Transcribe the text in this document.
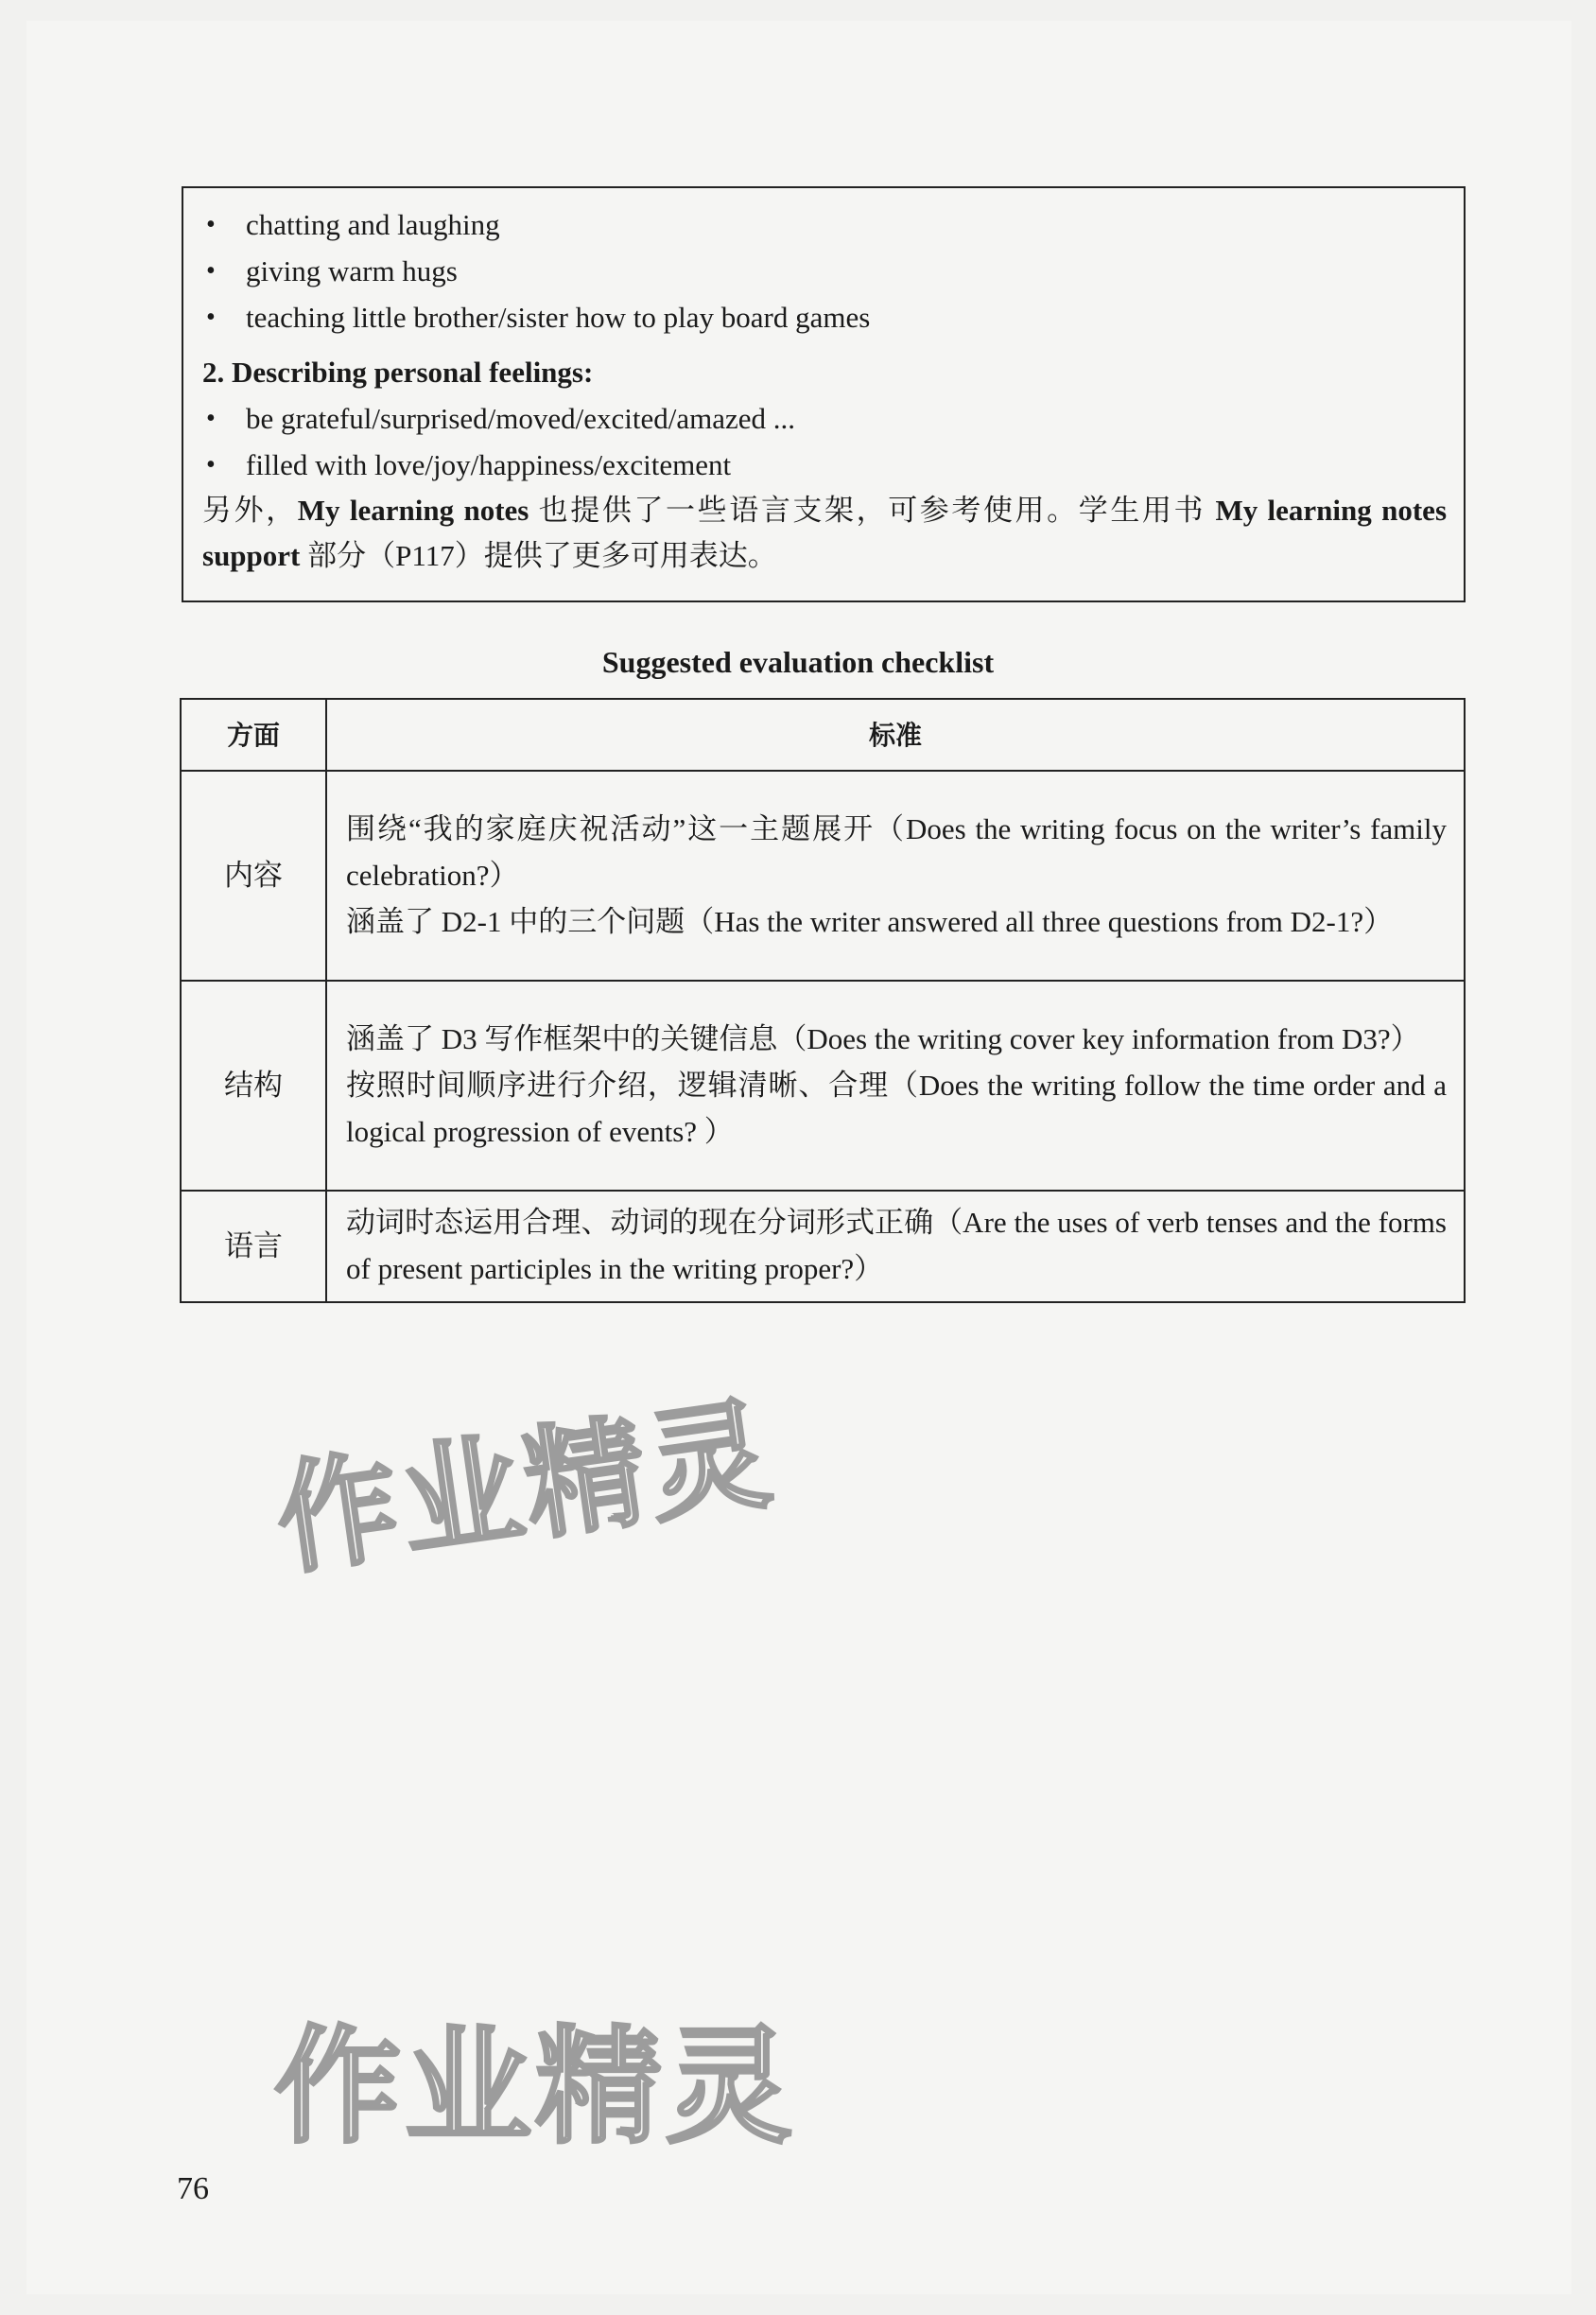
• chatting and laughing
• giving warm hugs
• teaching little brother/sister how to play board games
2. Describing personal feelings:
• be grateful/surprised/moved/excited/amazed ...
• filled with love/joy/happiness/excitement
另外，My learning notes 也提供了一些语言支架，可参考使用。学生用书 My learning notes support 部分（P117）提供了更多可用表达。
Suggested evaluation checklist
方面	标准
内容	围绕“我的家庭庆祝活动”这一主题展开（Does the writing focus on the writer’s family celebration?）

涵盖了 D2-1 中的三个问题（Has the writer answered all three questions from D2-1?）

结构	涵盖了 D3 写作框架中的关键信息（Does the writing cover key information from D3?）

按照时间顺序进行介绍，逻辑清晰、合理（Does the writing follow the time order and a logical progression of events? ）

语言	动词时态运用合理、动词的现在分词形式正确（Are the uses of verb tenses and the forms of present participles in the writing proper?）

作业精灵
作业精灵
76
